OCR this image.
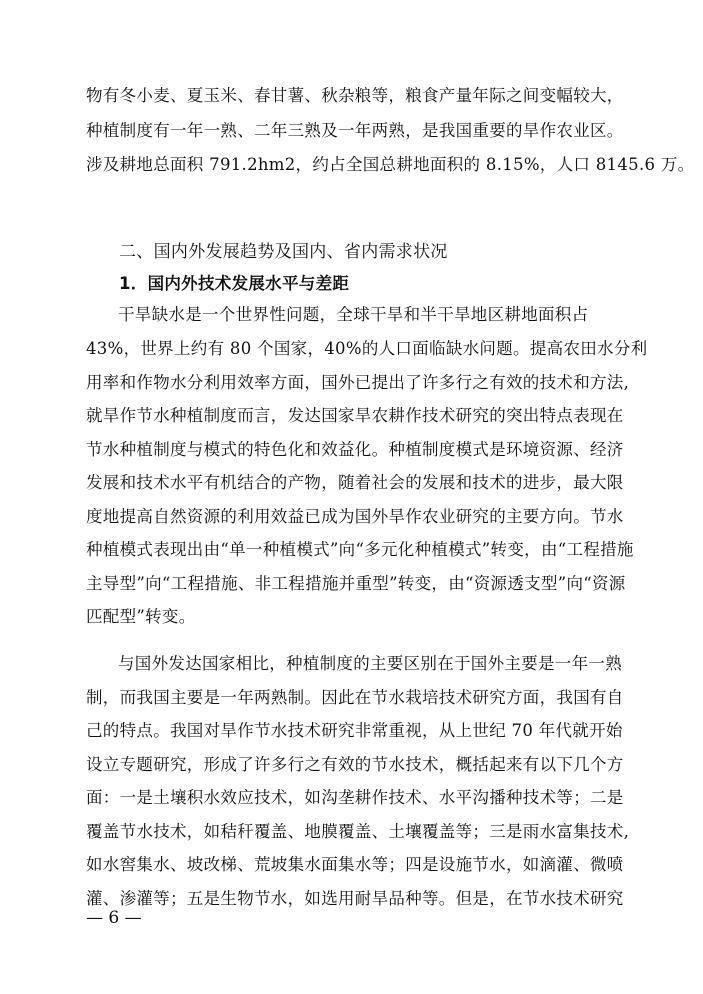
物有冬小麦、夏玉米、春甘薯、秋杂粮等，粮食产量年际之间变幅较大，
种植制度有一年一熟、二年三熟及一年两熟，是我国重要的旱作农业区。
涉及耕地总面积 791.2hm2，约占全国总耕地面积的 8.15%，人口 8145.6 万。
二、国内外发展趋势及国内、省内需求状况
1．国内外技术发展水平与差距
干旱缺水是一个世界性问题，全球干旱和半干旱地区耕地面积占
43%，世界上约有 80 个国家，40%的人口面临缺水问题。提高农田水分利
用率和作物水分利用效率方面，国外已提出了许多行之有效的技术和方法,
就旱作节水种植制度而言，发达国家旱农耕作技术研究的突出特点表现在
节水种植制度与模式的特色化和效益化。种植制度模式是环境资源、经济
发展和技术水平有机结合的产物，随着社会的发展和技术的进步，最大限
度地提高自然资源的利用效益已成为国外旱作农业研究的主要方向。节水
种植模式表现出由“单一种植模式”向“多元化种植模式”转变，由“工程措施
主导型”向“工程措施、非工程措施并重型”转变，由“资源透支型”向“资源
匹配型”转变。
与国外发达国家相比，种植制度的主要区别在于国外主要是一年一熟
制，而我国主要是一年两熟制。因此在节水栽培技术研究方面，我国有自
己的特点。我国对旱作节水技术研究非常重视，从上世纪 70 年代就开始
设立专题研究，形成了许多行之有效的节水技术，概括起来有以下几个方
面：一是土壤积水效应技术，如沟垄耕作技术、水平沟播种技术等；二是
覆盖节水技术，如秸秆覆盖、地膜覆盖、土壤覆盖等；三是雨水富集技术,
如水窖集水、坡改梯、荒坡集水面集水等；四是设施节水，如滴灌、微喷
灌、渗灌等；五是生物节水，如选用耐旱品种等。但是，在节水技术研究
— 6 —
